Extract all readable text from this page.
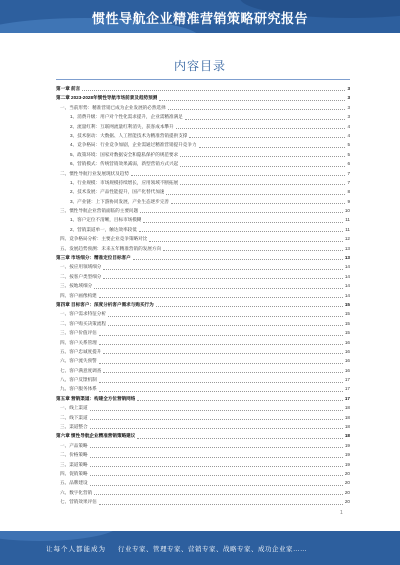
惯性导航企业精准营销策略研究报告
内容目录
第一章 前言	3
第二章 2023-2028年惯性导航市场前景及趋势预测	3
一、当前形势：精准营销已成为企业发展的必然选择	3
1、消费升级：用户对个性化需求提升，企业需精准满足	3
2、流量红利：互联网流量红利消失，获客成本攀升	4
3、技术驱动：大数据、人工智能技术为精准营销提供支撑	4
4、竞争格局：行业竞争加剧，企业需通过精准营销提升竞争力	5
5、政策环境：国家对数据安全和隐私保护的规范要求	5
6、营销模式：传统营销效果减弱，新型营销方式兴起	6
二、惯性导航行业发展现状及趋势	7
1、行业规模：市场规模持续增长，应用领域不断拓展	7
2、技术发展：产品性能提升，国产化替代加速	8
3、产业链：上下游协同发展，产业生态逐步完善	9
三、惯性导航企业营销面临的主要问题	10
1、客户定位不清晰，目标市场模糊	11
2、营销渠道单一，触达效率较低	11
四、竞争格局分析：主要企业竞争策略对比	12
五、发展趋势预测：未来五年精准营销的发展方向	13
第三章 市场细分：精准定位目标客户	13
一、按应用领域细分	14
二、按客户类型细分	14
三、按地域细分	14
四、客户画像构建	14
第四章 目标客户：深度分析客户需求与购买行为	15
一、客户需求特征分析	15
二、客户购买决策流程	15
三、客户价值评估	15
四、客户关系管理	16
五、客户忠诚度提升	16
六、客户流失预警	16
七、客户满意度调查	16
八、客户反馈机制	17
九、客户服务体系	17
第五章 营销渠道：构建全方位营销网络	17
一、线上渠道	18
二、线下渠道	18
三、渠道整合	18
第六章 惯性导航企业精准营销策略建议	18
一、产品策略	19
二、价格策略	19
三、渠道策略	19
四、促销策略	20
五、品牌建设	20
六、数字化营销	20
七、营销效果评估	20
1
让每个人都能成为 行业专家、管理专家、营销专家、战略专家、成功企业家……
